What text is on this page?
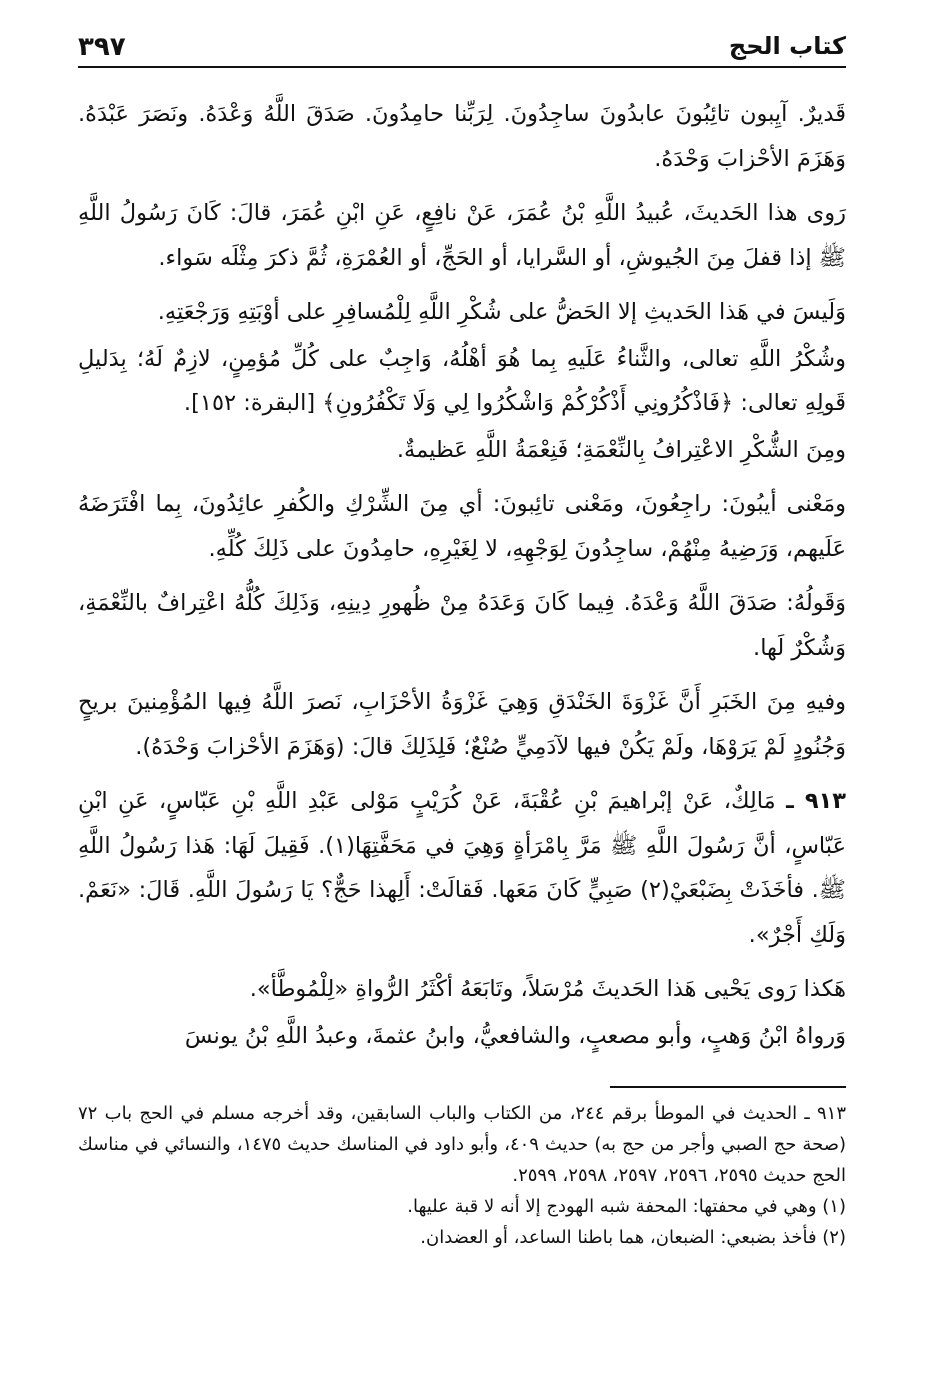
كتاب الحج
٣٩٧

قَديرٌ. آيِبون تائِبُونَ عابدُونَ ساجِدُونَ. لِرَبِّنا حامِدُونَ. صَدَقَ اللَّهُ وَعْدَهُ. ونَصَرَ عَبْدَهُ. وَهَزَمَ الأحْزابَ وَحْدَهُ.

رَوى هذا الحَديثَ، عُبيدُ اللَّهِ بْنُ عُمَرَ، عَنْ نافِعٍ، عَنِ ابْنِ عُمَرَ، قالَ: كَانَ رَسُولُ اللَّهِ ﷺ إذا قفلَ مِنَ الجُيوشِ، أو السَّرايا، أو الحَجِّ، أو العُمْرَةِ، ثُمَّ ذكرَ مِثْلَه سَواء.

وَلَيسَ في هَذا الحَديثِ إلا الحَضُّ على شُكْرِ اللَّهِ لِلْمُسافِرِ على أوْبَتِهِ وَرَجْعَتِهِ.

وشُكْرُ اللَّهِ تعالى، والثَّناءُ عَلَيهِ بِما هُوَ أهْلُهُ، وَاجِبٌ على كُلِّ مُؤمِنٍ، لازِمٌ لَهُ؛ بِدَليلِ قَولِهِ تعالى: ﴿فَاذْكُرُونِي أَذْكُرْكُمْ وَاشْكُرُوا لِي وَلَا تَكْفُرُونِ﴾ [البقرة: ١٥٢].

ومِنَ الشُّكْرِ الاعْتِرافُ بِالنِّعْمَةِ؛ فَنِعْمَةُ اللَّهِ عَظيمةٌ.

ومَعْنى أيبُونَ: راجِعُونَ، ومَعْنى تائِبونَ: أي مِنَ الشِّرْكِ والكُفرِ عائِدُونَ، بِما افْتَرَضَهُ عَلَيهم، وَرَضِيهُ مِنْهُمْ، ساجِدُونَ لِوَجْهِهِ، لا لِغَيْرِهِ، حامِدُونَ على ذَلِكَ كُلِّهِ.

وَقَولُهُ: صَدَقَ اللَّهُ وَعْدَهُ. فِيما كَانَ وَعَدَهُ مِنْ ظُهورِ دِينِهِ، وَذَلِكَ كُلُّهُ اعْتِرافٌ بالنِّعْمَةِ، وَشُكْرٌ لَها.

وفيهِ مِنَ الخَبَرِ أَنَّ غَزْوَةَ الخَنْدَقِ وَهِيَ غَزْوَةُ الأحْزَابِ، نَصرَ اللَّهُ فِيها المُؤْمِنينَ بريحٍ وَجُنُودٍ لَمْ يَرَوْهَا، ولَمْ يَكُنْ فيها لآدَمِيٍّ صُنْعٌ؛ فَلِذَلِكَ قالَ: (وَهَزَمَ الأحْزابَ وَحْدَهُ).

٩١٣ ـ مَالِكٌ، عَنْ إبْراهيمَ بْنِ عُقْبَةَ، عَنْ كُرَيْبٍ مَوْلى عَبْدِ اللَّهِ بْنِ عَبّاسٍ، عَنِ ابْنِ عَبّاسٍ، أنَّ رَسُولَ اللَّهِ ﷺ مَرَّ بِامْرَأةٍ وَهِيَ في مَحَفَّتِهَا(١). فَقِيلَ لَهَا: هَذا رَسُولُ اللَّهِ ﷺ. فأخَذَتْ بِضَبْعَيْ(٢) صَبِيٍّ كَانَ مَعَها. فَقالَتْ: أَلِهذا حَجٌّ؟ يَا رَسُولَ اللَّهِ. قَالَ: «نَعَمْ. وَلَكِ أَجْرٌ».

هَكذا رَوى يَحْيى هَذا الحَديثَ مُرْسَلاً، وتَابَعَهُ أكْثَرُ الرُّواةِ «لِلْمُوطَّأ».

وَرواهُ ابْنُ وَهبٍ، وأبو مصعبٍ، والشافعيُّ، وابنُ عثمةَ، وعبدُ اللَّهِ بْنُ يونسَ

٩١٣ ـ الحديث في الموطأ برقم ٢٤٤، من الكتاب والباب السابقين، وقد أخرجه مسلم في الحج باب ٧٢ (صحة حج الصبي وأجر من حج به) حديث ٤٠٩، وأبو داود في المناسك حديث ١٤٧٥، والنسائي في مناسك الحج حديث ٢٥٩٥، ٢٥٩٦، ٢٥٩٧، ٢٥٩٨، ٢٥٩٩.

(١) وهي في محفتها: المحفة شبه الهودج إلا أنه لا قبة عليها.

(٢) فأخذ بضبعي: الضبعان، هما باطنا الساعد، أو العضدان.
